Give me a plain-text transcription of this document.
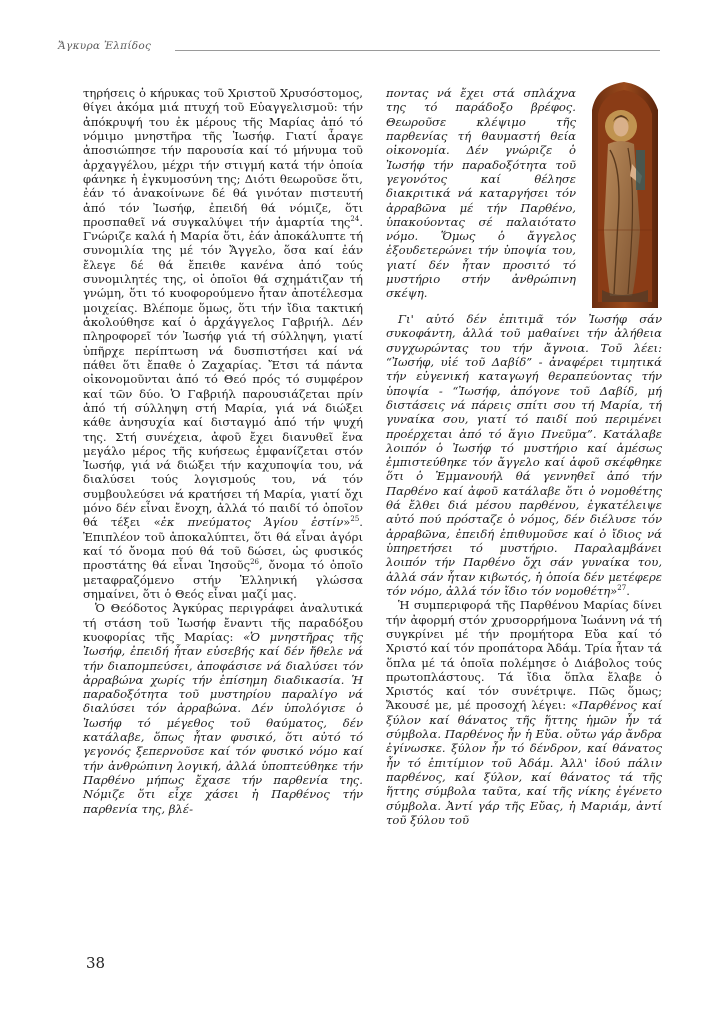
Ἄγκυρα Ἐλπίδος

τηρήσεις ὁ κήρυκας τοῦ Χριστοῦ Χρυσόστομος, θίγει ἀκόμα μιά πτυχή τοῦ Εὐαγγελισμοῦ: τήν ἀπόκρυψή του ἐκ μέρους τῆς Μαρίας ἀπό τό νόμιμο μνηστῆρα τῆς Ἰωσήφ. Γιατί ἆραγε ἀποσιώπησε τήν παρουσία καί τό μήνυμα τοῦ ἀρχαγγέλου, μέχρι τήν στιγμή κατά τήν ὁποία φάνηκε ἡ ἐγκυμοσύνη της; Διότι θεωροῦσε ὅτι, ἐάν τό ἀνακοίνωνε δέ θά γινόταν πιστευτή ἀπό τόν Ἰωσήφ, ἐπειδή θά νόμιζε, ὅτι προσπαθεῖ νά συγκαλύψει τήν ἁμαρτία της$^{24}$. Γνώριζε καλά ἡ Μαρία ὅτι, ἐάν ἀποκάλυπτε τή συνομιλία της μέ τόν Ἄγγελο, ὅσα καί ἐάν ἔλεγε δέ θά ἔπειθε κανένα ἀπό τούς συνομιλητές της, οἱ ὁποῖοι θά σχημάτιζαν τή γνώμη, ὅτι τό κυοφορούμενο ἦταν ἀποτέλεσμα μοιχείας. Βλέπομε ὅμως, ὅτι τήν ἴδια τακτική ἀκολούθησε καί ὁ ἀρχάγγελος Γαβριήλ. Δέν πληροφορεῖ τόν Ἰωσήφ γιά τή σύλληψη, γιατί ὑπῆρχε περίπτωση νά δυσπιστήσει καί νά πάθει ὅτι ἔπαθε ὁ Ζαχαρίας. Ἔτσι τά πάντα οἰκονομοῦνται ἀπό τό Θεό πρός τό συμφέρον καί τῶν δύο. Ὁ Γαβριήλ παρουσιάζεται πρίν ἀπό τή σύλληψη στή Μαρία, γιά νά διώξει κάθε ἀνησυχία καί δισταγμό ἀπό τήν ψυχή της. Στή συνέχεια, ἀφοῦ ἔχει διανυθεῖ ἕνα μεγάλο μέρος τῆς κυήσεως ἐμφανίζεται στόν Ἰωσήφ, γιά νά διώξει τήν καχυποψία του, νά διαλύσει τούς λογισμούς του, νά τόν συμβουλεύσει νά κρατήσει τή Μαρία, γιατί ὄχι μόνο δέν εἶναι ἔνοχη, ἀλλά τό παιδί τό ὁποῖον θά τέξει «ἐκ πνεύματος Ἁγίου ἐστίν»$^{25}$. Ἐπιπλέον τοῦ ἀποκαλύπτει, ὅτι θά εἶναι ἀγόρι καί τό ὄνομα πού θά τοῦ δώσει, ὡς φυσικός προστάτης θά εἶναι Ἰησοῦς$^{26}$, ὄνομα τό ὁποῖο μεταφραζόμενο στήν Ἑλληνική γλώσσα σημαίνει, ὅτι ὁ Θεός εἶναι μαζί μας.

Ὁ Θεόδοτος Ἀγκύρας περιγράφει ἀναλυτικά τή στάση τοῦ Ἰωσήφ ἔναντι τῆς παραδόξου κυοφορίας τῆς Μαρίας: «Ὁ μνηστῆρας τῆς Ἰωσήφ, ἐπειδή ἦταν εὐσεβής καί δέν ἤθελε νά τήν διαπομπεύσει, ἀποφάσισε νά διαλύσει τόν ἀρραβώνα χωρίς τήν ἐπίσημη διαδικασία. Ἡ παραδοξότητα τοῦ μυστηρίου παραλίγο νά διαλύσει τόν ἀρραβώνα. Δέν ὑπολόγισε ὁ Ἰωσήφ τό μέγεθος τοῦ θαύματος, δέν κατάλαβε, ὅπως ἦταν φυσικό, ὅτι αὐτό τό γεγονός ξεπερνοῦσε καί τόν φυσικό νόμο καί τήν ἀνθρώπινη λογική, ἀλλά ὑποπτεύθηκε τήν Παρθένο μήπως ἔχασε τήν παρθενία της. Νόμιζε ὅτι εἶχε χάσει ἡ Παρθένος τήν παρθενία της, βλέ-

ποντας νά ἔχει στά σπλάχνα της τό παράδοξο βρέφος. Θεωροῦσε κλέψιμο τῆς παρθενίας τή θαυμαστή θεία οἰκονομία. Δέν γνώριζε ὁ Ἰωσήφ τήν παραδοξότητα τοῦ γεγονότος καί θέλησε διακριτικά νά καταργήσει τόν ἀρραβῶνα μέ τήν Παρθένο, ὑπακούοντας σέ παλαιότατο νόμο. Ὅμως ὁ ἄγγελος ἐξουδετερώνει τήν ὑποψία του, γιατί δέν ἦταν προσιτό τό μυστήριο στήν ἀνθρώπινη σκέψη.

Γι' αὐτό δέν ἐπιτιμᾶ τόν Ἰωσήφ σάν συκοφάντη, ἀλλά τοῦ μαθαίνει τήν ἀλήθεια συγχωρώντας του τήν ἄγνοια. Τοῦ λέει: “Ἰωσήφ, υἱέ τοῦ Δαβίδ” - ἀναφέρει τιμητικά τήν εὐγενική καταγωγή θεραπεύοντας τήν ὑποψία - “Ἰωσήφ, ἀπόγονε τοῦ Δαβίδ, μή διστάσεις νά πάρεις σπίτι σου τή Μαρία, τή γυναίκα σου, γιατί τό παιδί πού περιμένει προέρχεται ἀπό τό ἅγιο Πνεῦμα”. Κατάλαβε λοιπόν ὁ Ἰωσήφ τό μυστήριο καί ἀμέσως ἐμπιστεύθηκε τόν ἄγγελο καί ἀφοῦ σκέφθηκε ὅτι ὁ Ἐμμανουήλ θά γεννηθεῖ ἀπό τήν Παρθένο καί ἀφοῦ κατάλαβε ὅτι ὁ νομοθέτης θά ἔλθει διά μέσου παρθένου, ἐγκατέλειψε αὐτό πού πρόσταζε ὁ νόμος, δέν διέλυσε τόν ἀρραβῶνα, ἐπειδή ἐπιθυμοῦσε καί ὁ ἴδιος νά ὑπηρετήσει τό μυστήριο. Παραλαμβάνει λοιπόν τήν Παρθένο ὄχι σάν γυναίκα του, ἀλλά σάν ἦταν κιβωτός, ἡ ὁποία δέν μετέφερε τόν νόμο, ἀλλά τόν ἴδιο τόν νομοθέτη»$^{27}$.

Ἡ συμπεριφορά τῆς Παρθένου Μαρίας δίνει τήν ἀφορμή στόν χρυσορρήμονα Ἰωάννη νά τή συγκρίνει μέ τήν προμήτορα Εὔα καί τό Χριστό καί τόν προπάτορα Ἀδάμ. Τρία ἦταν τά ὅπλα μέ τά ὁποῖα πολέμησε ὁ Διάβολος τούς πρωτοπλάστους. Τά ἴδια ὅπλα ἔλαβε ὁ Χριστός καί τόν συνέτριψε. Πῶς ὅμως; Ἄκουσέ με, μέ προσοχή λέγει: «Παρθένος καί ξύλον καί θάνατος τῆς ἥττης ἡμῶν ἦν τά σύμβολα. Παρθένος ἦν ἡ Εὔα. οὔτω γάρ ἄνδρα ἐγίνωσκε. ξύλον ἦν τό δένδρον, καί θάνατος ἦν τό ἐπιτίμιον τοῦ Ἀδάμ. Ἀλλ' ἰδού πάλιν παρθένος, καί ξύλον, καί θάνατος τά τῆς ἥττης σύμβολα ταῦτα, καί τῆς νίκης ἐγένετο σύμβολα. Ἀντί γάρ τῆς Εὔας, ἡ Μαριάμ, ἀντί τοῦ ξύλου τοῦ

38
